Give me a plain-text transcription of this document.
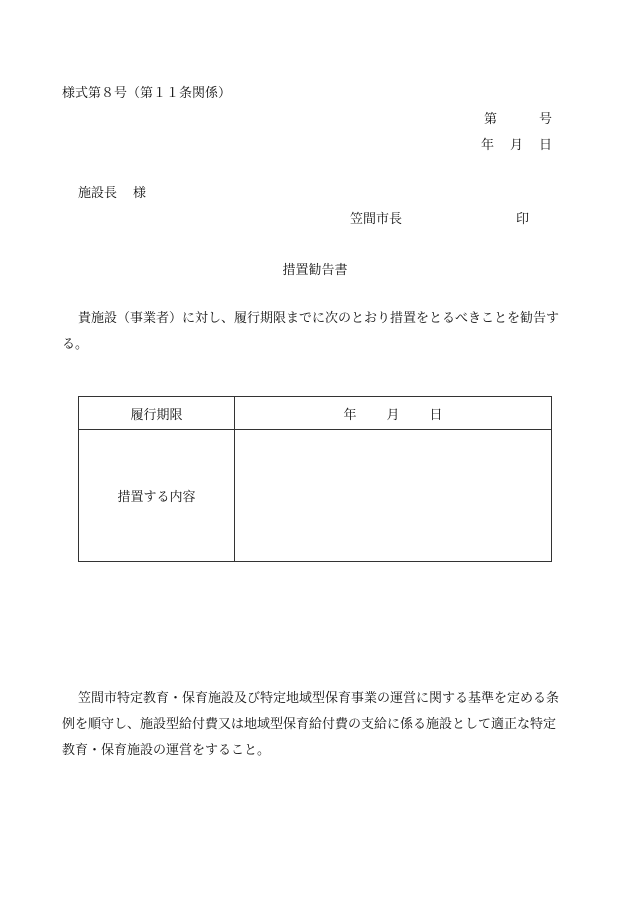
様式第８号（第１１条関係）
第	号
年 月 日
施設長 様
笠間市長	印
措置勧告書
貴施設（事業者）に対し、履行期限までに次のとおり措置をとるべきことを勧告する。
履行期限	年 月 日
措置する内容	
笠間市特定教育・保育施設及び特定地域型保育事業の運営に関する基準を定める条例を順守し、施設型給付費又は地域型保育給付費の支給に係る施設として適正な特定教育・保育施設の運営をすること。
